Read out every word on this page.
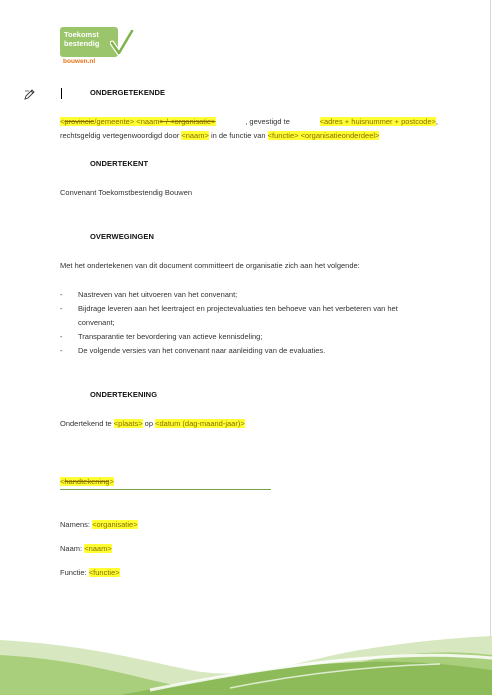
Toekomst
bestendig
bouwen.nl
ONDERGETEKENDE
<provincie/gemeente> <naam> / <organisatie>	, gevestigd te	<adres + huisnummer + postcode>,
rechtsgeldig vertegenwoordigd door <naam> in de functie van <functie> <organisatieonderdeel>
ONDERTEKENT
Convenant Toekomstbestendig Bouwen
OVERWEGINGEN
Met het ondertekenen van dit document committeert de organisatie zich aan het volgende:
- Nastreven van het uitvoeren van het convenant;
- Bijdrage leveren aan het leertraject en projectevaluaties ten behoeve van het verbeteren van het
convenant;
- Transparantie ter bevordering van actieve kennisdeling;
- De volgende versies van het convenant naar aanleiding van de evaluaties.
ONDERTEKENING
Ondertekend te <plaats> op <datum (dag-maand-jaar)>
<handtekening>
Namens: <organisatie>
Naam: <naam>
Functie: <functie>
